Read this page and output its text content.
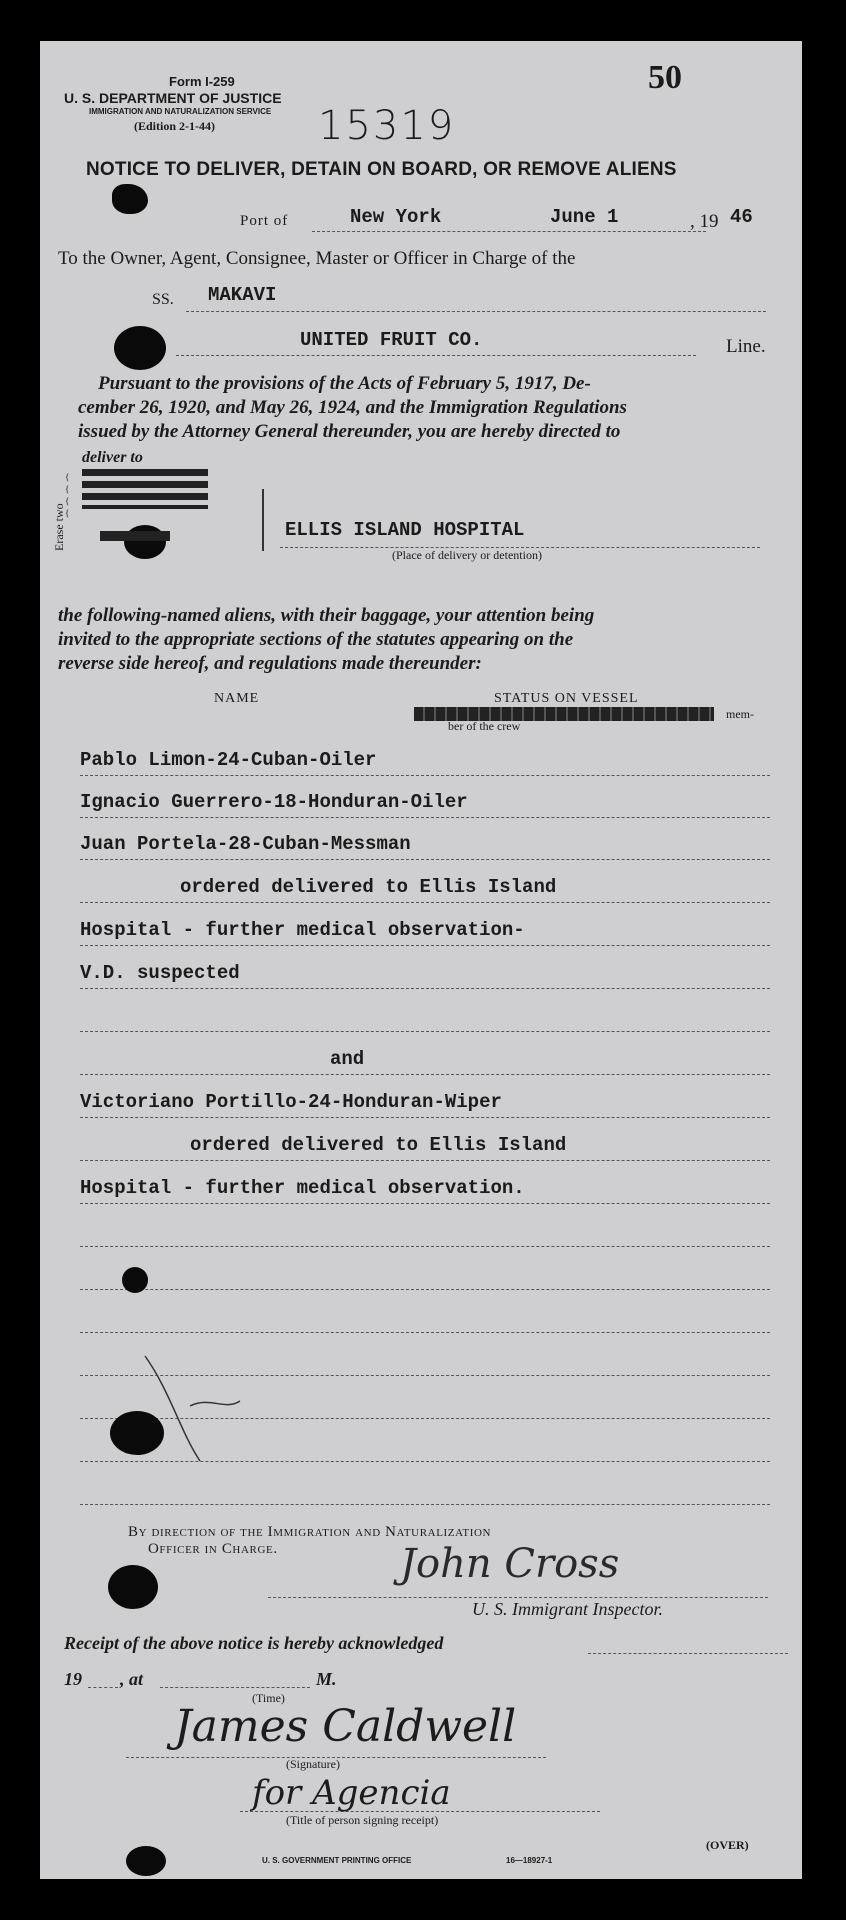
Form I-259
U. S. DEPARTMENT OF JUSTICE
IMMIGRATION AND NATURALIZATION SERVICE
(Edition 2-1-44)
50
15319
NOTICE TO DELIVER, DETAIN ON BOARD, OR REMOVE ALIENS
Port of	New York	June 1	, 19 46
To the Owner, Agent, Consignee, Master or Officer in Charge of the
SS. MAKAVI
UNITED FRUIT CO.	Line.
Pursuant to the provisions of the Acts of February 5, 1917, De-
cember 26, 1920, and May 26, 1924, and the Immigration Regulations
issued by the Attorney General thereunder, you are hereby directed to
Erase two
{
{
{
{
deliver to
ELLIS ISLAND HOSPITAL
(Place of delivery or detention)
the following-named aliens, with their baggage, your attention being
invited to the appropriate sections of the statutes appearing on the
reverse side hereof, and regulations made thereunder:
NAME	STATUS ON VESSEL
mem-
ber of the crew
Pablo Limon-24-Cuban-Oiler
Ignacio Guerrero-18-Honduran-Oiler
Juan Portela-28-Cuban-Messman
ordered delivered to Ellis Island
Hospital - further medical observation-
V.D. suspected
and
Victoriano Portillo-24-Honduran-Wiper
ordered delivered to Ellis Island
Hospital - further medical observation.
By direction of the Immigration and Naturalization
Officer in Charge.	John Cross
U. S. Immigrant Inspector.
Receipt of the above notice is hereby acknowledged
19 , at	M.
(Time)
James Caldwell
(Signature)
for Agencia
(Title of person signing receipt)
U. S. GOVERNMENT PRINTING OFFICE	16—18927-1
(OVER)
